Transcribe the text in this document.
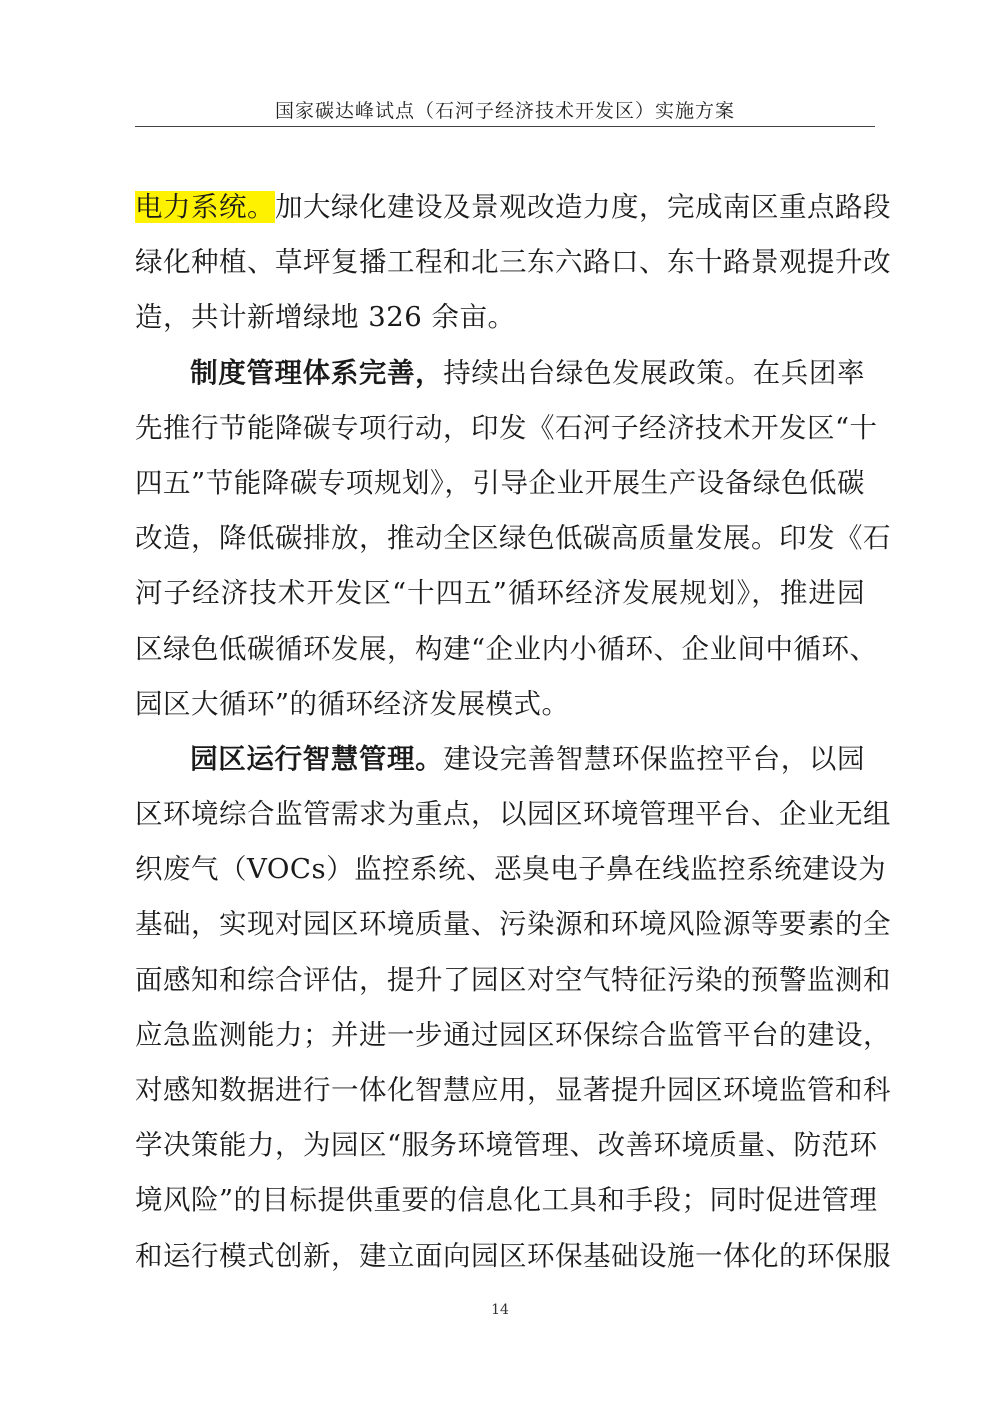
国家碳达峰试点（石河子经济技术开发区）实施方案
电力系统。加大绿化建设及景观改造力度，完成南区重点路段
绿化种植、草坪复播工程和北三东六路口、东十路景观提升改
造，共计新增绿地 326 余亩。
制度管理体系完善，持续出台绿色发展政策。在兵团率
先推行节能降碳专项行动，印发《石河子经济技术开发区“十
四五”节能降碳专项规划》，引导企业开展生产设备绿色低碳
改造，降低碳排放，推动全区绿色低碳高质量发展。印发《石
河子经济技术开发区“十四五”循环经济发展规划》，推进园
区绿色低碳循环发展，构建“企业内小循环、企业间中循环、
园区大循环”的循环经济发展模式。
园区运行智慧管理。建设完善智慧环保监控平台，以园
区环境综合监管需求为重点，以园区环境管理平台、企业无组
织废气（VOCs）监控系统、恶臭电子鼻在线监控系统建设为
基础，实现对园区环境质量、污染源和环境风险源等要素的全
面感知和综合评估，提升了园区对空气特征污染的预警监测和
应急监测能力；并进一步通过园区环保综合监管平台的建设，
对感知数据进行一体化智慧应用，显著提升园区环境监管和科
学决策能力，为园区“服务环境管理、改善环境质量、防范环
境风险”的目标提供重要的信息化工具和手段；同时促进管理
和运行模式创新，建立面向园区环保基础设施一体化的环保服
14
